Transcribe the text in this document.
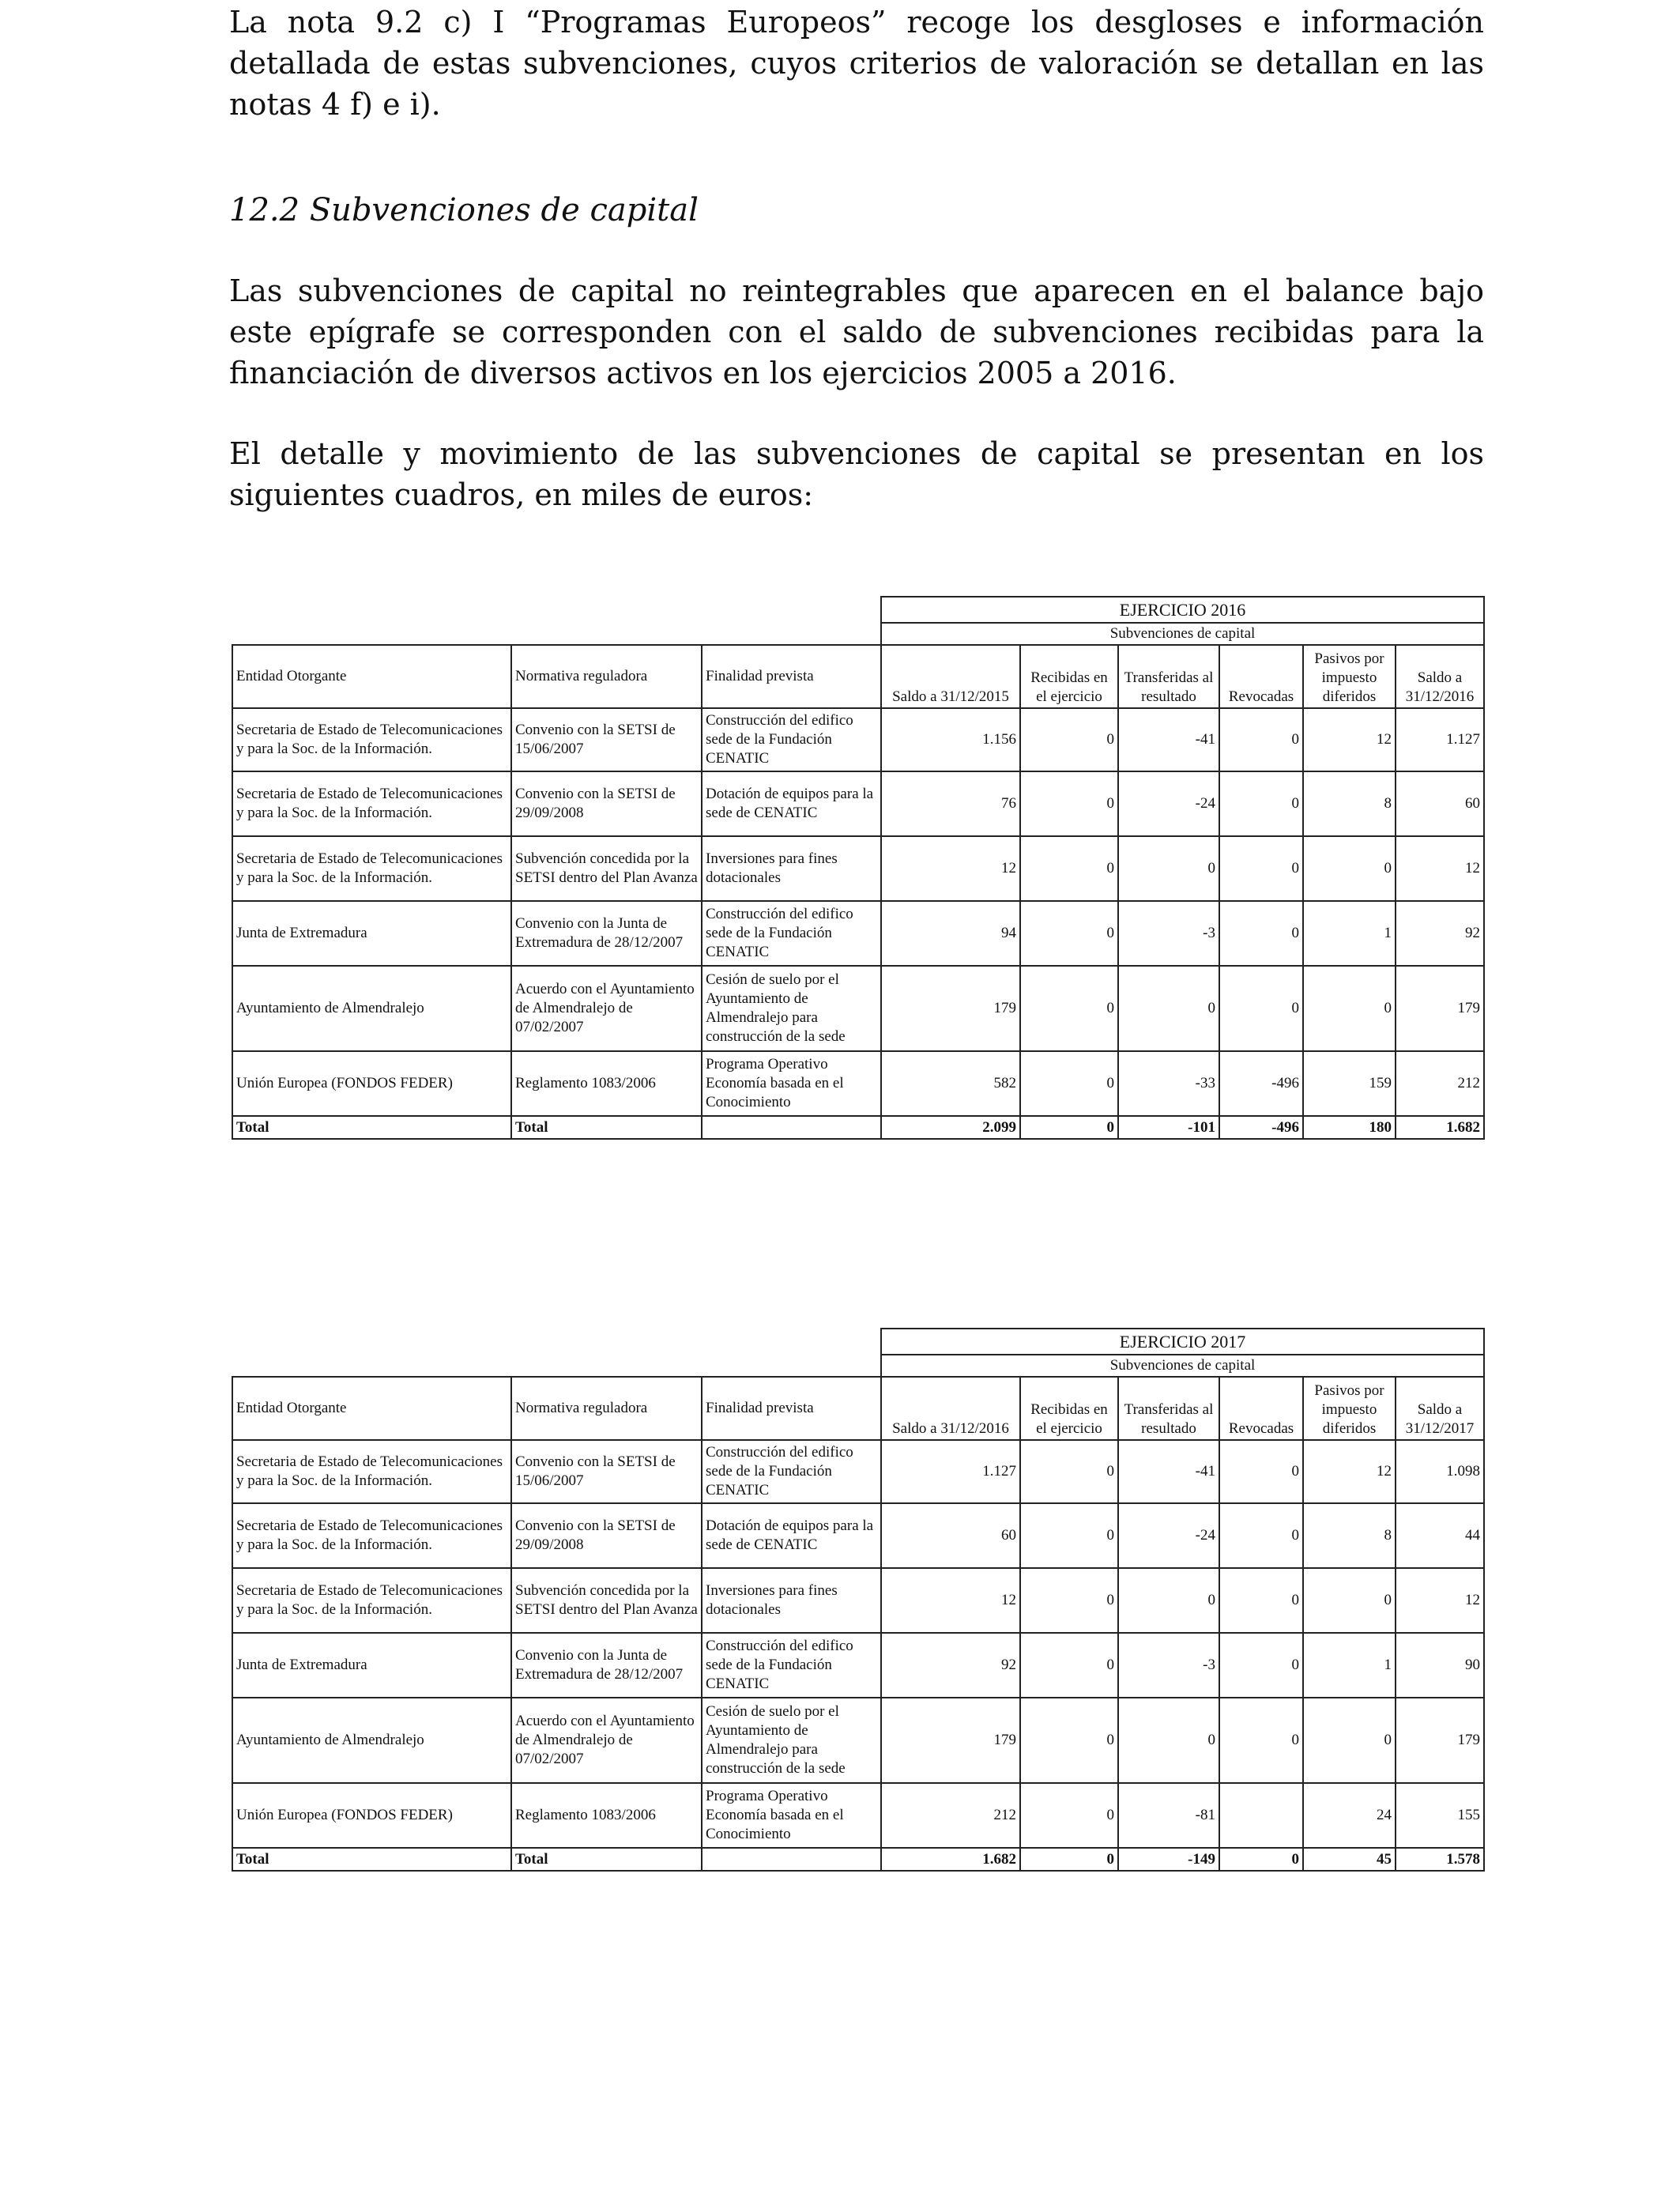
La nota 9.2 c) I “Programas Europeos” recoge los desgloses e información detallada de estas subvenciones, cuyos criterios de valoración se detallan en las notas 4 f) e i).

12.2 Subvenciones de capital

Las subvenciones de capital no reintegrables que aparecen en el balance bajo este epígrafe se corresponden con el saldo de subvenciones recibidas para la financiación de diversos activos en los ejercicios 2005 a 2016.

El detalle y movimiento de las subvenciones de capital se presentan en los siguientes cuadros, en miles de euros:

			EJERCICIO 2016					
			Subvenciones de capital					
Entidad Otorgante	Normativa reguladora	Finalidad prevista	Saldo a 31/12/2015	Recibidas en el ejercicio	Transferidas al resultado	Revocadas	Pasivos por impuesto diferidos	Saldo a 31/12/2016
Secretaria de Estado de Telecomunicaciones y para la Soc. de la Información.	Convenio con la SETSI de 15/06/2007	Construcción del edifico sede de la Fundación CENATIC	1.156	0	-41	0	12	1.127
Secretaria de Estado de Telecomunicaciones y para la Soc. de la Información.	Convenio con la SETSI de 29/09/2008	Dotación de equipos para la sede de CENATIC	76	0	-24	0	8	60
Secretaria de Estado de Telecomunicaciones y para la Soc. de la Información.	Subvención concedida por la SETSI dentro del Plan Avanza	Inversiones para fines dotacionales	12	0	0	0	0	12
Junta de Extremadura	Convenio con la Junta de Extremadura de 28/12/2007	Construcción del edifico sede de la Fundación CENATIC	94	0	-3	0	1	92
Ayuntamiento de Almendralejo	Acuerdo con el Ayuntamiento de Almendralejo de 07/02/2007	Cesión de suelo por el Ayuntamiento de Almendralejo para construcción de la sede	179	0	0	0	0	179
Unión Europea (FONDOS FEDER)	Reglamento 1083/2006	Programa Operativo Economía basada en el Conocimiento	582	0	-33	-496	159	212
Total	Total		2.099	0	-101	-496	180	1.682
			EJERCICIO 2017					
			Subvenciones de capital					
Entidad Otorgante	Normativa reguladora	Finalidad prevista	Saldo a 31/12/2016	Recibidas en el ejercicio	Transferidas al resultado	Revocadas	Pasivos por impuesto diferidos	Saldo a 31/12/2017
Secretaria de Estado de Telecomunicaciones y para la Soc. de la Información.	Convenio con la SETSI de 15/06/2007	Construcción del edifico sede de la Fundación CENATIC	1.127	0	-41	0	12	1.098
Secretaria de Estado de Telecomunicaciones y para la Soc. de la Información.	Convenio con la SETSI de 29/09/2008	Dotación de equipos para la sede de CENATIC	60	0	-24	0	8	44
Secretaria de Estado de Telecomunicaciones y para la Soc. de la Información.	Subvención concedida por la SETSI dentro del Plan Avanza	Inversiones para fines dotacionales	12	0	0	0	0	12
Junta de Extremadura	Convenio con la Junta de Extremadura de 28/12/2007	Construcción del edifico sede de la Fundación CENATIC	92	0	-3	0	1	90
Ayuntamiento de Almendralejo	Acuerdo con el Ayuntamiento de Almendralejo de 07/02/2007	Cesión de suelo por el Ayuntamiento de Almendralejo para construcción de la sede	179	0	0	0	0	179
Unión Europea (FONDOS FEDER)	Reglamento 1083/2006	Programa Operativo Economía basada en el Conocimiento	212	0	-81		24	155
Total	Total		1.682	0	-149	0	45	1.578
